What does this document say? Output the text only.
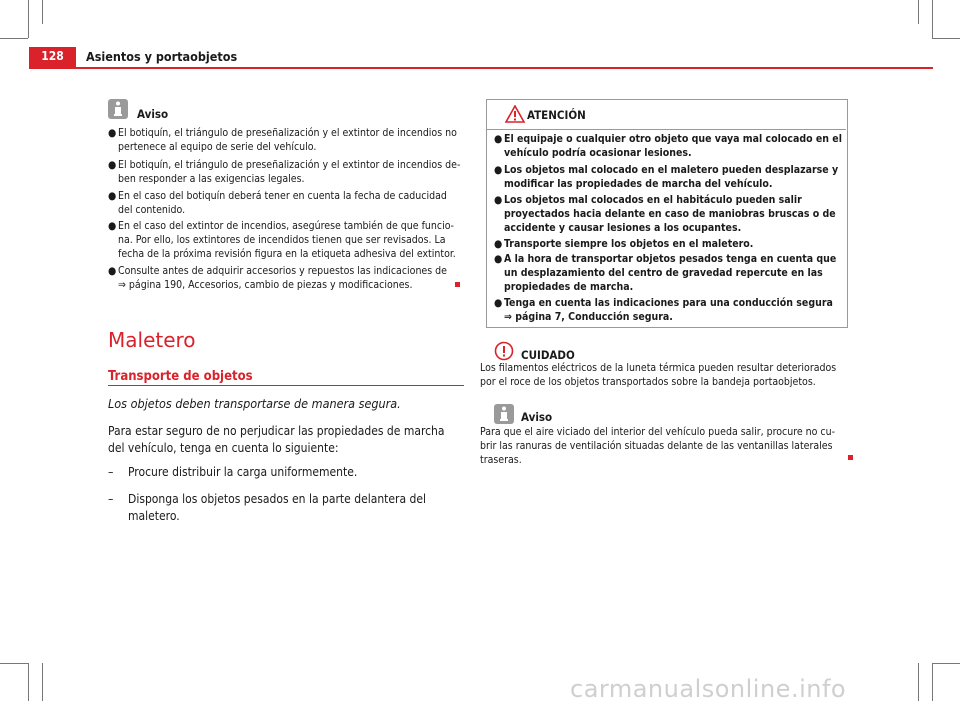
128	Asientos y portaobjetos
Aviso
● El botiquín, el triángulo de preseñalización y el extintor de incendios no pertenece al equipo de serie del vehículo.
● El botiquín, el triángulo de preseñalización y el extintor de incendios deben responder a las exigencias legales.
● En el caso del botiquín deberá tener en cuenta la fecha de caducidad del contenido.
● En el caso del extintor de incendios, asegúrese también de que funciona. Por ello, los extintores de incendidos tienen que ser revisados. La fecha de la próxima revisión figura en la etiqueta adhesiva del extintor.
● Consulte antes de adquirir accesorios y repuestos las indicaciones de ⇒ página 190, Accesorios, cambio de piezas y modificaciones.
Maletero
Transporte de objetos
Los objetos deben transportarse de manera segura.
Para estar seguro de no perjudicar las propiedades de marcha del vehículo, tenga en cuenta lo siguiente:
–	Procure distribuir la carga uniformemente.
–	Disponga los objetos pesados en la parte delantera del maletero.
ATENCIÓN
● El equipaje o cualquier otro objeto que vaya mal colocado en el vehículo podría ocasionar lesiones.
● Los objetos mal colocado en el maletero pueden desplazarse y modificar las propiedades de marcha del vehículo.
● Los objetos mal colocados en el habitáculo pueden salir proyectados hacia delante en caso de maniobras bruscas o de accidente y causar lesiones a los ocupantes.
● Transporte siempre los objetos en el maletero.
● A la hora de transportar objetos pesados tenga en cuenta que un desplazamiento del centro de gravedad repercute en las propiedades de marcha.
● Tenga en cuenta las indicaciones para una conducción segura ⇒ página 7, Conducción segura.
CUIDADO
Los filamentos eléctricos de la luneta térmica pueden resultar deteriorados por el roce de los objetos transportados sobre la bandeja portaobjetos.
Aviso
Para que el aire viciado del interior del vehículo pueda salir, procure no cubrir las ranuras de ventilación situadas delante de las ventanillas laterales traseras.
carmanualsonline.info
